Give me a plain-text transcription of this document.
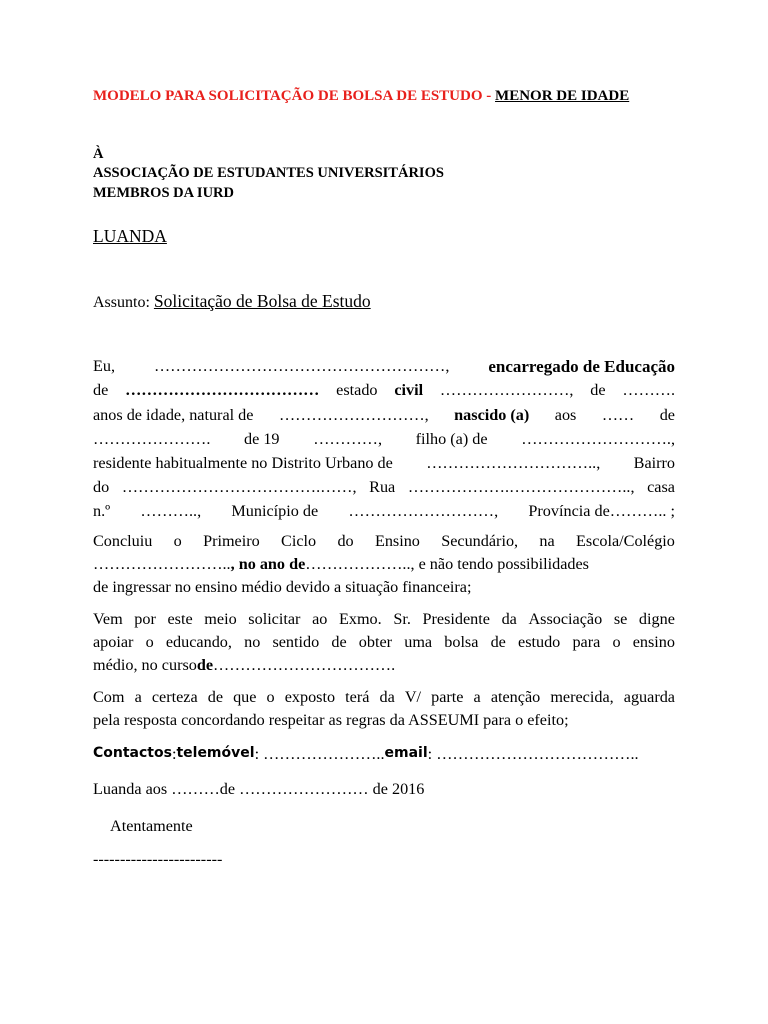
MODELO PARA SOLICITAÇÃO DE BOLSA DE ESTUDO - MENOR DE IDADE
À
ASSOCIAÇÃO DE ESTUDANTES UNIVERSITÁRIOS
MEMBROS DA IURD
LUANDA
Assunto: Solicitação de Bolsa de Estudo
Eu, ………………………………………………, encarregado de Educação
de ……………………………… estado civil ……………………, de ……….
anos de idade, natural de ………………………, nascido (a) aos …… de
…………………. de 19 …………, filho (a) de ……………………….,
residente habitualmente no Distrito Urbano de ………………………….., Bairro
do ……………………………….……, Rua ……………….………………….., casa
n.º ……….., Município de ………………………, Província de……….. ;
Concluiu o Primeiro Ciclo do Ensino Secundário, na Escola/Colégio
…………………….. , no ano de ……………….., e não tendo possibilidades
de ingressar no ensino médio devido a situação financeira;
Vem por este meio solicitar ao Exmo. Sr. Presidente da Associação se digne
apoiar o educando, no sentido de obter uma bolsa de estudo para o ensino
médio, no curso de …………………………….
Com a certeza de que o exposto terá da V/ parte a atenção merecida, aguarda
pela resposta concordando respeitar as regras da ASSEUMI para o efeito;
Contactos : telemóvel : ………………….. email : ………………………………..
Luanda aos ………de …………………… de 2016
Atentamente
------------------------
